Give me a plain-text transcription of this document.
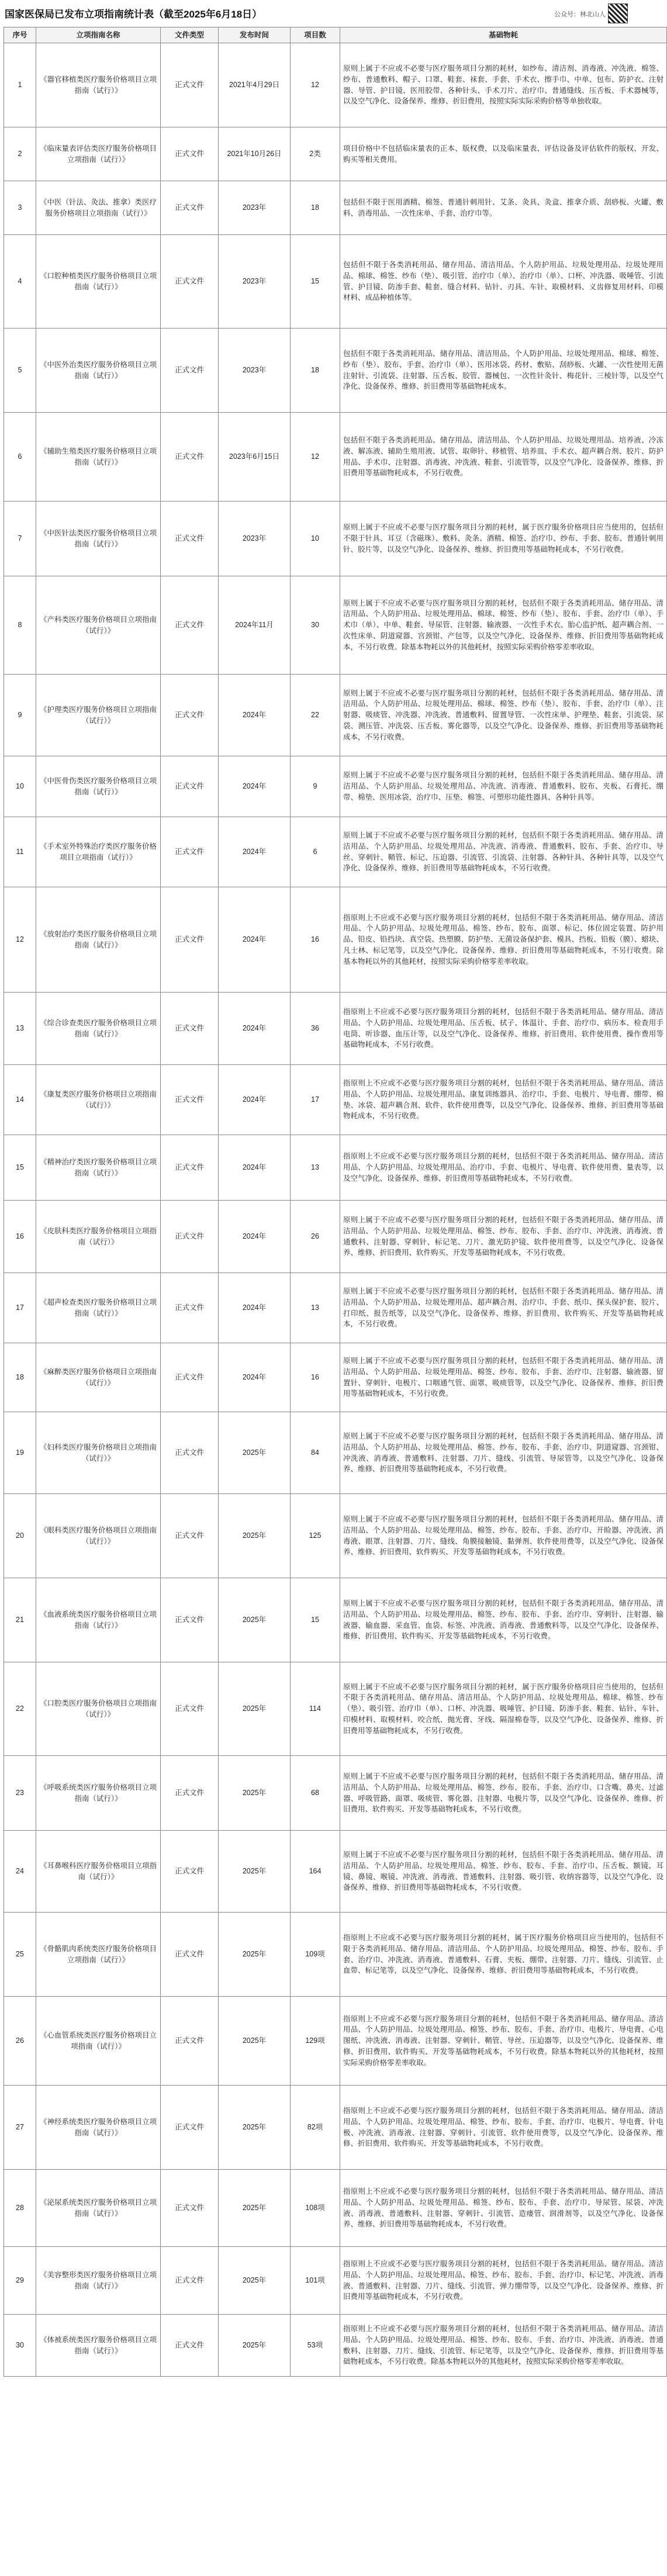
国家医保局已发布立项指南统计表（截至2025年6月18日）	公众号：林北山人
序号	立项指南名称	文件类型	发布时间	项目数	基础物耗
1	《器官移植类医疗服务价格项目立项指南（试行）》	正式文件	2021年4月29日	12	原则上属于不应或不必要与医疗服务项目分割的耗材，如纱布、清洁剂、消毒液、冲洗液、棉签、纱布、普通敷料、帽子、口罩、鞋套、袜套、手套、手术衣、擦手巾、中单、包布、防护衣、注射器、导管、护目镜、医用胶带、各种针头、手术刀片、治疗巾、普通缝线、压舌板、手术器械等，以及空气净化、设备保养、维修、折旧费用，按照实际实际采购价格等单独收取。
2	《临床量表评估类医疗服务价格项目立项指南（试行）》	正式文件	2021年10月26日	2类	项目价格中不包括临床量表的正本、版权费，以及临床量表、评估设备及评估软件的版权、开发、购买等相关费用。
3	《中医（针法、灸法、推拿）类医疗服务价格项目立项指南（试行）》	正式文件	2023年	18	包括但不限于医用酒精、棉签、普通针刺用针、艾条、灸具、灸盒、推拿介质、刮痧板、火罐、敷料、消毒用品、一次性床单、手套、治疗巾等。
4	《口腔种植类医疗服务价格项目立项指南（试行）》	正式文件	2023年	15	包括但不限于各类消耗用品、储存用品、清洁用品、个人防护用品、垃圾处理用品、垃圾处理用品、棉球、棉签、纱布（垫）、吸引管、治疗巾（单）、治疗巾（单）、口杯、冲洗器、吸唾管、引流管、护目镜、防渗手套、鞋套、缝合材料、钻针、刃具、车针、取模材料、义齿修复用材料、印模材料、成品种植体等。
5	《中医外治类医疗服务价格项目立项指南（试行）》	正式文件	2023年	18	包括但不限于各类消耗用品、储存用品、清洁用品、个人防护用品、垃圾处理用品、棉球、棉签、纱布（垫）、胶布、手套、治疗巾（单）、医用冰袋、药材、敷贴、刮痧板、火罐、一次性使用无菌注射针、引流袋、注射器、压舌板、胶管、器械包、一次性针灸针、梅花针、三棱针等，以及空气净化、设备保养、维修、折旧费用等基础物耗成本。
6	《辅助生殖类医疗服务价格项目立项指南（试行）》	正式文件	2023年6月15日	12	包括但不限于各类消耗用品、储存用品、清洁用品、个人防护用品、垃圾处理用品、培养液、冷冻液、解冻液、辅助生殖用液、试管、取卵针、移植管、培养皿、手术衣、超声耦合剂、胶片、防护用品、手术巾、注射器、消毒液、冲洗液、鞋套、引流管等，以及空气净化、设备保养、维修、折旧费用等基础物耗成本，不另行收费。
7	《中医针法类医疗服务价格项目立项指南（试行）》	正式文件	2023年	10	原则上属于不应或不必要与医疗服务项目分割的耗材，属于医疗服务价格项目应当使用的，包括但不限于针具、耳豆（含磁珠）、敷料、灸条、酒精、棉签、治疗巾、纱布、手套、胶布、普通针刺用针、胶片等，以及空气净化、设备保养、维修、折旧费用等基础物耗成本，不另行收费。
8	《产科类医疗服务价格项目立项指南（试行）》	正式文件	2024年11月	30	原则上属于不应或不必要与医疗服务项目分割的耗材，包括但不限于各类消耗用品、储存用品、清洁用品、个人防护用品、垃圾处理用品、棉球、棉签、纱布（垫）、胶布、手套、治疗巾（单）、手术巾（单）、中单、鞋套、导尿管、注射器、输液器、一次性手术衣、胎心监护纸、超声耦合剂、一次性床单、阴道窥器、宫颈钳、产包等，以及空气净化、设备保养、维修、折旧费用等基础物耗成本，不另行收费。除基本物耗以外的其他耗材，按照实际采购价格零差率收取。
9	《护理类医疗服务价格项目立项指南（试行）》	正式文件	2024年	22	原则上属于不应或不必要与医疗服务项目分割的耗材，包括但不限于各类消耗用品、储存用品、清洁用品、个人防护用品、垃圾处理用品、棉球、棉签、纱布（垫）、胶布、手套、治疗巾（单）、注射器、吸痰管、冲洗器、冲洗液、普通敷料、留置导管、一次性床单、护理垫、鞋套、引流袋、尿袋、测压管、冲洗袋、压舌板、雾化器等，以及空气净化、设备保养、维修、折旧费用等基础物耗成本，不另行收费。
10	《中医骨伤类医疗服务价格项目立项指南（试行）》	正式文件	2024年	9	原则上属于不应或不必要与医疗服务项目分割的耗材，包括但不限于各类消耗用品、储存用品、清洁用品、个人防护用品、垃圾处理用品、冲洗液、消毒液、普通敷料、胶布、夹板、石膏托、绷带、棉垫、医用冰袋、治疗巾、压垫、棉签、可塑形功能性器具、各种针具等。
11	《手术室外特殊治疗类医疗服务价格项目立项指南（试行）》	正式文件	2024年	6	原则上属于不应或不必要与医疗服务项目分割的耗材，包括但不限于各类消耗用品、储存用品、清洁用品、个人防护用品、垃圾处理用品、冲洗液、消毒液、普通敷料、胶布、手套、治疗巾、导丝、穿刺针、鞘管、标记、压迫器、引流管、引流袋、注射器、各种针具、各种针具等，以及空气净化、设备保养、维修、折旧费用等基础物耗成本，不另行收费。
12	《放射治疗类医疗服务价格项目立项指南（试行）》	正式文件	2024年	16	指原则上不应或不必要与医疗服务项目分割的耗材，包括但不限于各类消耗用品、储存用品、清洁用品、个人防护用品、垃圾处理用品、棉签、纱布、胶布、面罩、标记、体位固定装置、防护用品、铅皮、铅挡块、真空袋、热塑膜、防护垫、无菌设备保护套、模具、挡板、铅板（膜）、蜡块、凡士林、标记笔等，以及空气净化、设备保养、维修、折旧费用等基础物耗成本，不另行收费。除基本物耗以外的其他耗材，按照实际采购价格零差率收取。
13	《综合诊查类医疗服务价格项目立项指南（试行）》	正式文件	2024年	36	指原则上不应或不必要与医疗服务项目分割的耗材，包括但不限于各类消耗用品、储存用品、清洁用品、个人防护用品、垃圾处理用品、压舌板、拭子、体温计、手套、治疗巾、病历本、检查用手电筒、听诊器、血压计等，以及空气净化、设备保养、维修、折旧费用、软件使用费、操作费用等基础物耗成本，不另行收费。
14	《康复类医疗服务价格项目立项指南（试行）》	正式文件	2024年	17	指原则上不应或不必要与医疗服务项目分割的耗材，包括但不限于各类消耗用品、储存用品、清洁用品、个人防护用品、垃圾处理用品、康复训练器具、治疗巾、手套、电极片、导电膏、绷带、棉垫、冰袋、超声耦合剂、软件、软件使用费等，以及空气净化、设备保养、维修、折旧费用等基础物耗成本，不另行收费。
15	《精神治疗类医疗服务价格项目立项指南（试行）》	正式文件	2024年	13	指原则上不应或不必要与医疗服务项目分割的耗材，包括但不限于各类消耗用品、储存用品、清洁用品、个人防护用品、垃圾处理用品、治疗巾、手套、电极片、导电膏、软件使用费、量表等，以及空气净化、设备保养、维修、折旧费用等基础物耗成本，不另行收费。
16	《皮肤科类医疗服务价格项目立项指南（试行）》	正式文件	2024年	26	原则上属于不应或不必要与医疗服务项目分割的耗材，包括但不限于各类消耗用品、储存用品、清洁用品、个人防护用品、垃圾处理用品、棉签、纱布、胶布、手套、治疗巾、冲洗液、消毒液、普通敷料、注射器、穿刺针、标记笔、刀片、激光防护镜、软件使用费等，以及空气净化、设备保养、维修、折旧费用、软件购买、开发等基础物耗成本，不另行收费。
17	《超声检查类医疗服务价格项目立项指南（试行）》	正式文件	2024年	13	原则上属于不应或不必要与医疗服务项目分割的耗材，包括但不限于各类消耗用品、储存用品、清洁用品、个人防护用品、垃圾处理用品、超声耦合剂、治疗巾、手套、纸巾、探头保护套、胶片、打印纸、报告纸等，以及空气净化、设备保养、维修、折旧费用、软件购买、开发等基础物耗成本，不另行收费。
18	《麻醉类医疗服务价格项目立项指南（试行）》	正式文件	2024年	16	原则上属于不应或不必要与医疗服务项目分割的耗材，包括但不限于各类消耗用品、储存用品、清洁用品、个人防护用品、垃圾处理用品、棉签、纱布、胶布、手套、治疗巾、注射器、输液器、留置针、穿刺针、电极片、口咽通气管、面罩、吸痰管等，以及空气净化、设备保养、维修、折旧费用等基础物耗成本，不另行收费。
19	《妇科类医疗服务价格项目立项指南（试行）》	正式文件	2025年	84	原则上属于不应或不必要与医疗服务项目分割的耗材，包括但不限于各类消耗用品、储存用品、清洁用品、个人防护用品、垃圾处理用品、棉签、纱布、胶布、手套、治疗巾、阴道窥器、宫颈钳、冲洗液、消毒液、普通敷料、注射器、刀片、缝线、引流管、导尿管等，以及空气净化、设备保养、维修、折旧费用等基础物耗成本，不另行收费。
20	《眼科类医疗服务价格项目立项指南（试行）》	正式文件	2025年	125	原则上属于不应或不必要与医疗服务项目分割的耗材，包括但不限于各类消耗用品、储存用品、清洁用品、个人防护用品、垃圾处理用品、棉签、纱布、胶布、手套、治疗巾、开睑器、冲洗液、消毒液、眼罩、注射器、刀片、缝线、角膜接触镜、黏弹剂、软件使用费等，以及空气净化、设备保养、维修、折旧费用、软件购买、开发等基础物耗成本，不另行收费。
21	《血液系统类医疗服务价格项目立项指南（试行）》	正式文件	2025年	15	原则上属于不应或不必要与医疗服务项目分割的耗材，包括但不限于各类消耗用品、储存用品、清洁用品、个人防护用品、垃圾处理用品、棉签、纱布、胶布、手套、治疗巾、穿刺针、注射器、输液器、输血器、采血管、血袋、标签、冲洗液、消毒液、普通敷料等，以及空气净化、设备保养、维修、折旧费用、软件购买、开发等基础物耗成本，不另行收费。
22	《口腔类医疗服务价格项目立项指南（试行）》	正式文件	2025年	114	原则上属于不应或不必要与医疗服务项目分割的耗材，属于医疗服务价格项目应当使用的，包括但不限于各类消耗用品、储存用品、清洁用品、个人防护用品、垃圾处理用品、棉球、棉签、纱布（垫）、吸引管、治疗巾（单）、口杯、冲洗器、吸唾管、护目镜、防渗手套、鞋套、钻针、车针、印模材料、取模材料、咬合纸、抛光膏、牙线、隔湿棉卷等，以及空气净化、设备保养、维修、折旧费用等基础物耗成本，不另行收费。
23	《呼吸系统类医疗服务价格项目立项指南（试行）》	正式文件	2025年	68	原则上属于不应或不必要与医疗服务项目分割的耗材，包括但不限于各类消耗用品、储存用品、清洁用品、个人防护用品、垃圾处理用品、棉签、纱布、胶布、手套、治疗巾、口含嘴、鼻夹、过滤器、呼吸管路、面罩、吸痰管、雾化器、注射器、电极片等，以及空气净化、设备保养、维修、折旧费用、软件购买、开发等基础物耗成本，不另行收费。
24	《耳鼻喉科医疗服务价格项目立项指南（试行）》	正式文件	2025年	164	原则上属于不应或不必要与医疗服务项目分割的耗材，包括但不限于各类消耗用品、储存用品、清洁用品、个人防护用品、垃圾处理用品、棉签、纱布、胶布、手套、治疗巾、压舌板、额镜、耳镜、鼻镜、喉镜、冲洗液、消毒液、普通敷料、注射器、吸引管、收纳容器等，以及空气净化、设备保养、维修、折旧费用等基础物耗成本，不另行收费。
25	《骨骼肌肉系统类医疗服务价格项目立项指南（试行）》	正式文件	2025年	109项	指原则上不应或不必要与医疗服务项目分割的耗材，属于医疗服务价格项目应当使用的，包括但不限于各类消耗用品、储存用品、清洁用品、个人防护用品、垃圾处理用品、棉签、纱布、胶布、手套、治疗巾、冲洗液、消毒液、普通敷料、石膏、夹板、绷带、注射器、刀片、缝线、引流管、止血带、标记笔等，以及空气净化、设备保养、维修、折旧费用等基础物耗成本，不另行收费。
26	《心血管系统类医疗服务价格项目立项指南（试行）》	正式文件	2025年	129项	指原则上不应或不必要与医疗服务项目分割的耗材，包括但不限于各类消耗用品、储存用品、清洁用品、个人防护用品、垃圾处理用品、棉签、纱布、胶布、手套、治疗巾、电极片、导电膏、心电图纸、冲洗液、消毒液、注射器、穿刺针、鞘管、导丝、压迫器等，以及空气净化、设备保养、维修、折旧费用、软件购买、开发等基础物耗成本，不另行收费。除基本物耗以外的其他耗材，按照实际采购价格零差率收取。
27	《神经系统类医疗服务价格项目立项指南（试行）》	正式文件	2025年	82项	指原则上不应或不必要与医疗服务项目分割的耗材，包括但不限于各类消耗用品、储存用品、清洁用品、个人防护用品、垃圾处理用品、棉签、纱布、胶布、手套、治疗巾、电极片、导电膏、针电极、冲洗液、消毒液、注射器、穿刺针、引流管、软件使用费等，以及空气净化、设备保养、维修、折旧费用、软件购买、开发等基础物耗成本，不另行收费。
28	《泌尿系统类医疗服务价格项目立项指南（试行）》	正式文件	2025年	108项	指原则上不应或不必要与医疗服务项目分割的耗材，包括但不限于各类消耗用品、储存用品、清洁用品、个人防护用品、垃圾处理用品、棉签、纱布、胶布、手套、治疗巾、导尿管、尿袋、冲洗液、消毒液、普通敷料、注射器、穿刺针、引流管、造瘘管、润滑剂等，以及空气净化、设备保养、维修、折旧费用等基础物耗成本，不另行收费。
29	《美容整形类医疗服务价格项目立项指南（试行）》	正式文件	2025年	101项	指原则上不应或不必要与医疗服务项目分割的耗材，包括但不限于各类消耗用品、储存用品、清洁用品、个人防护用品、垃圾处理用品、棉签、纱布、胶布、手套、治疗巾、标记笔、冲洗液、消毒液、普通敷料、注射器、刀片、缝线、引流管、弹力绷带等，以及空气净化、设备保养、维修、折旧费用等基础物耗成本，不另行收费。
30	《体被系统类医疗服务价格项目立项指南（试行）》	正式文件	2025年	53项	指原则上不应或不必要与医疗服务项目分割的耗材，包括但不限于各类消耗用品、储存用品、清洁用品、个人防护用品、垃圾处理用品、棉签、纱布、胶布、手套、治疗巾、冲洗液、消毒液、普通敷料、注射器、刀片、缝线、引流管、标记笔等，以及空气净化、设备保养、维修、折旧费用等基础物耗成本，不另行收费。除基本物耗以外的其他耗材，按照实际采购价格零差率收取。
